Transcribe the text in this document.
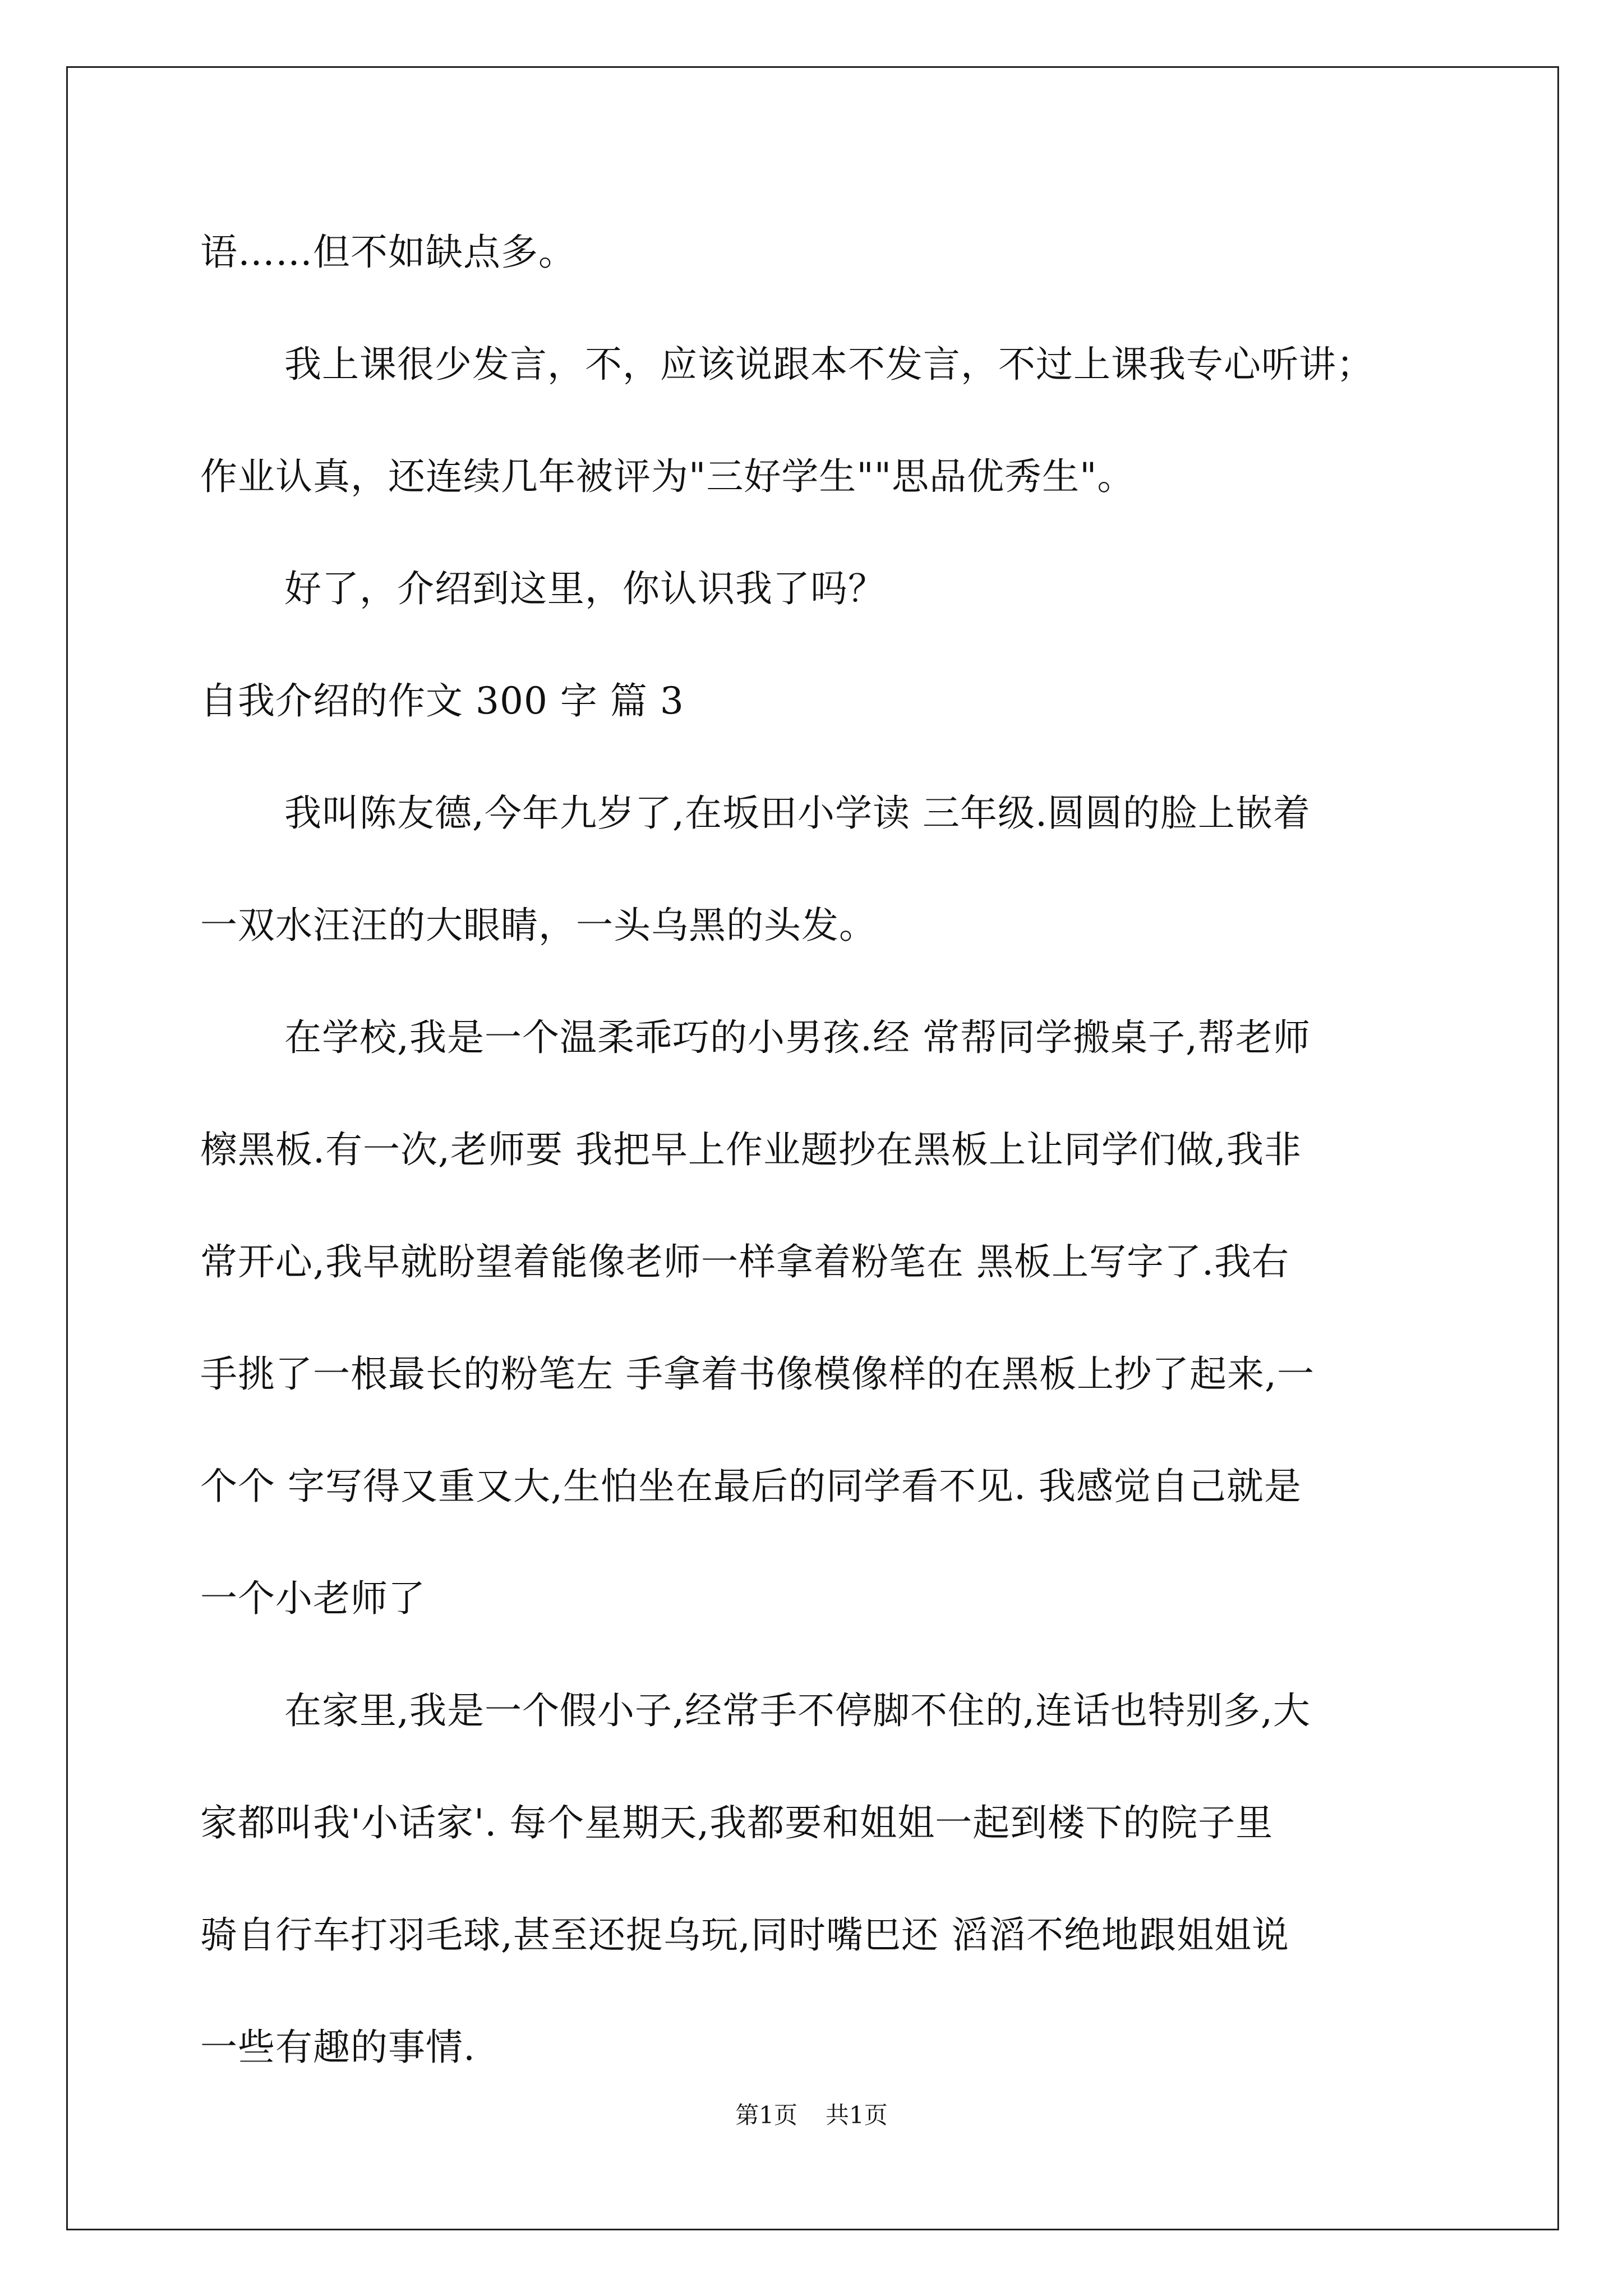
语……但不如缺点多。
我上课很少发言，不，应该说跟本不发言，不过上课我专心听讲；
作业认真，还连续几年被评为"三好学生""思品优秀生"。
好了，介绍到这里，你认识我了吗？
自我介绍的作文 300 字 篇 3
我叫陈友德,今年九岁了,在坂田小学读 三年级.圆圆的脸上嵌着
一双水汪汪的大眼睛，一头乌黑的头发。
在学校,我是一个温柔乖巧的小男孩.经 常帮同学搬桌子,帮老师
檫黑板.有一次,老师要 我把早上作业题抄在黑板上让同学们做,我非
常开心,我早就盼望着能像老师一样拿着粉笔在 黑板上写字了.我右
手挑了一根最长的粉笔左 手拿着书像模像样的在黑板上抄了起来,一
个个 字写得又重又大,生怕坐在最后的同学看不见. 我感觉自己就是
一个小老师了
在家里,我是一个假小子,经常手不停脚不住的,连话也特别多,大
家都叫我'小话家'. 每个星期天,我都要和姐姐一起到楼下的院子里
骑自行车打羽毛球,甚至还捉乌玩,同时嘴巴还 滔滔不绝地跟姐姐说
一些有趣的事情.
第1页 共1页
